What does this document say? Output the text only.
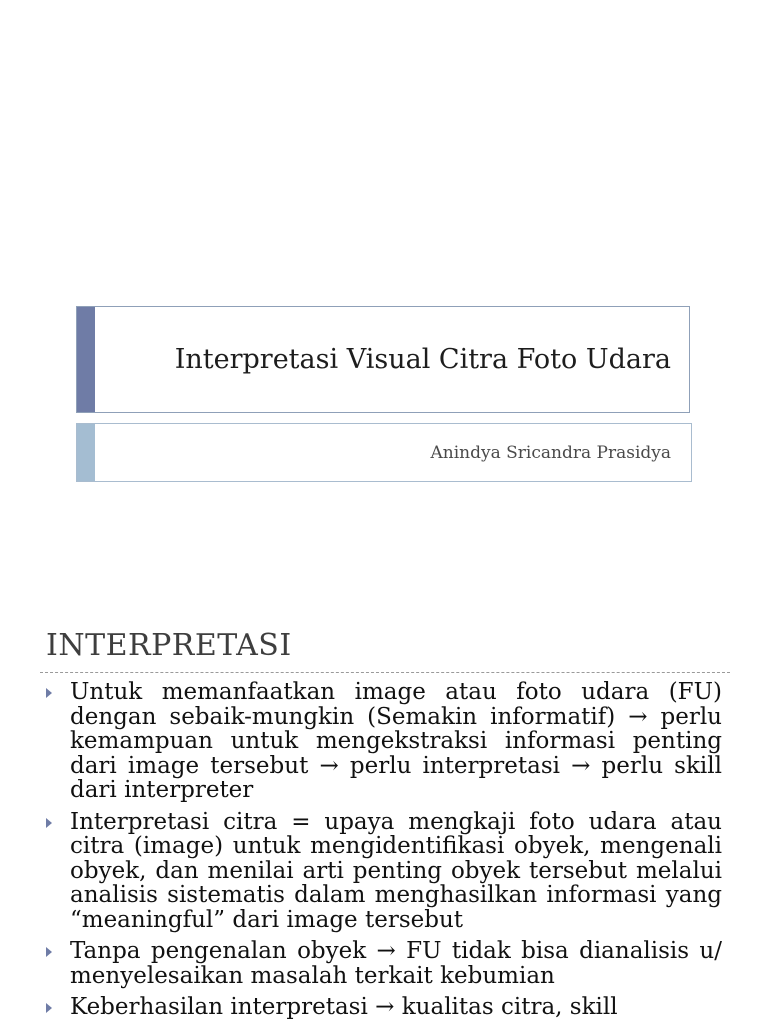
Interpretasi Visual Citra Foto Udara
Anindya Sricandra Prasidya
INTERPRETASI
Untuk memanfaatkan image atau foto udara (FU) dengan sebaik-mungkin (Semakin informatif) → perlu kemampuan untuk mengekstraksi informasi penting dari image tersebut → perlu interpretasi → perlu skill dari interpreter
Interpretasi citra = upaya mengkaji foto udara atau citra (image) untuk mengidentifikasi obyek, mengenali obyek, dan menilai arti penting obyek tersebut melalui analisis sistematis dalam menghasilkan informasi yang “meaningful” dari image tersebut
Tanpa pengenalan obyek → FU tidak bisa dianalisis u/ menyelesaikan masalah terkait kebumian
Keberhasilan interpretasi → kualitas citra, skill
